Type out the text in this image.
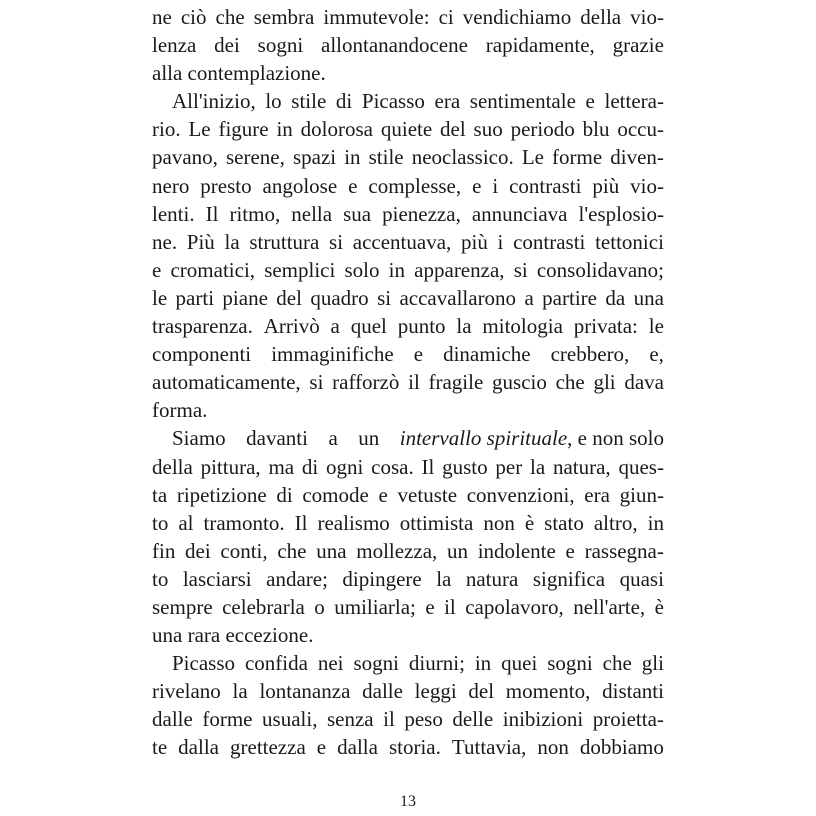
ne ciò che sembra immutevole: ci vendichiamo della vio-
lenza dei sogni allontanandocene rapidamente, grazie
alla contemplazione.
All'inizio, lo stile di Picasso era sentimentale e lettera-
rio. Le figure in dolorosa quiete del suo periodo blu occu-
pavano, serene, spazi in stile neoclassico. Le forme diven-
nero presto angolose e complesse, e i contrasti più vio-
lenti. Il ritmo, nella sua pienezza, annunciava l'esplosio-
ne. Più la struttura si accentuava, più i contrasti tettonici
e cromatici, semplici solo in apparenza, si consolidavano;
le parti piane del quadro si accavallarono a partire da una
trasparenza. Arrivò a quel punto la mitologia privata: le
componenti immaginifiche e dinamiche crebbero, e,
automaticamente, si rafforzò il fragile guscio che gli dava
forma.
Siamo davanti a un intervallo spirituale, e non solo
della pittura, ma di ogni cosa. Il gusto per la natura, ques-
ta ripetizione di comode e vetuste convenzioni, era giun-
to al tramonto. Il realismo ottimista non è stato altro, in
fin dei conti, che una mollezza, un indolente e rassegna-
to lasciarsi andare; dipingere la natura significa quasi
sempre celebrarla o umiliarla; e il capolavoro, nell'arte, è
una rara eccezione.
Picasso confida nei sogni diurni; in quei sogni che gli
rivelano la lontananza dalle leggi del momento, distanti
dalle forme usuali, senza il peso delle inibizioni proietta-
te dalla grettezza e dalla storia. Tuttavia, non dobbiamo
13
